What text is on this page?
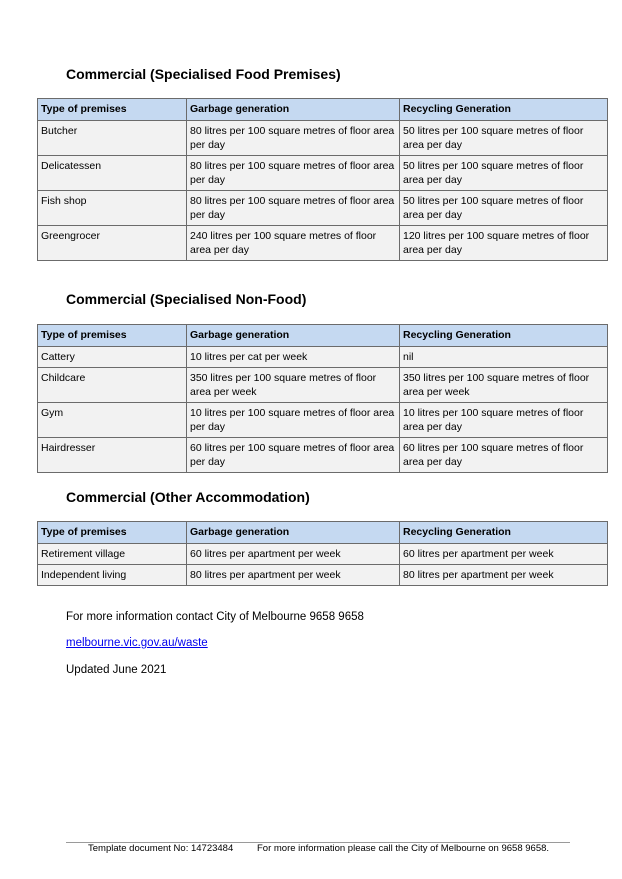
Commercial (Specialised Food Premises)
Type of premises	Garbage generation	Recycling Generation
Butcher	80 litres per 100 square metres of floor area per day	50 litres per 100 square metres of floor area per day
Delicatessen	80 litres per 100 square metres of floor area per day	50 litres per 100 square metres of floor area per day
Fish shop	80 litres per 100 square metres of floor area per day	50 litres per 100 square metres of floor area per day
Greengrocer	240 litres per 100 square metres of floor area per day	120 litres per 100 square metres of floor area per day
Commercial (Specialised Non-Food)
Type of premises	Garbage generation	Recycling Generation
Cattery	10 litres per cat per week	nil
Childcare	350 litres per 100 square metres of floor area per week	350 litres per 100 square metres of floor area per week
Gym	10 litres per 100 square metres of floor area per day	10 litres per 100 square metres of floor area per day
Hairdresser	60 litres per 100 square metres of floor area per day	60 litres per 100 square metres of floor area per day
Commercial (Other Accommodation)
Type of premises	Garbage generation	Recycling Generation
Retirement village	60 litres per apartment per week	60 litres per apartment per week
Independent living	80 litres per apartment per week	80 litres per apartment per week
For more information contact City of Melbourne 9658 9658
melbourne.vic.gov.au/waste
Updated June 2021
Template document No: 14723484	For more information please call the City of Melbourne on 9658 9658.
